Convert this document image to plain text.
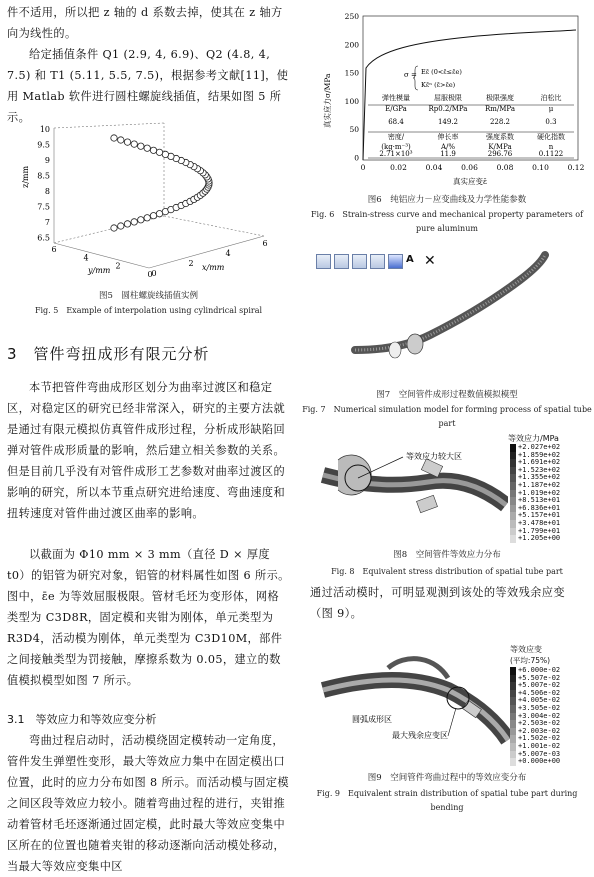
件不适用，所以把 z 轴的 d 系数去掉，使其在 z 轴方向为线性的。
给定插值条件 Q1 (2.9, 4, 6.9)、Q2 (4.8, 4, 7.5) 和 T1 (5.11, 5.5, 7.5)，根据参考文献[11]，使用 Matlab 软件进行圆柱螺旋线插值，结果如图 5 所示。
10
9.5
9
8.5
8
7.5
7
6.5
z/mm
6
4
2
0
0
2
4
6
y/mm	x/mm
图5　圆柱螺旋线插值实例
Fig. 5　Example of interpolation using cylindrical spiral
3　管件弯扭成形有限元分析
本节把管件弯曲成形区划分为曲率过渡区和稳定区，对稳定区的研究已经非常深入，研究的主要方法就是通过有限元模拟仿真管件成形过程，分析成形缺陷回弹对管件成形质量的影响，然后建立相关参数的关系。但是目前几乎没有对管件成形工艺参数对曲率过渡区的影响的研究，所以本节重点研究进给速度、弯曲速度和扭转速度对管件曲过渡区曲率的影响。
以截面为 Φ10 mm × 3 mm（直径 D × 厚度 t0）的铝管为研究对象，铝管的材料属性如图 6 所示。图中，ε̄e 为等效屈服极限。管材毛坯为变形体，网格类型为 C3D8R，固定模和夹钳为刚体，单元类型为 R3D4，活动模为刚体，单元类型为 C3D10M，部件之间接触类型为罚接触，摩擦系数为 0.05，建立的数值模拟模型如图 7 所示。
3.1　等效应力和等效应变分析
弯曲过程启动时，活动模绕固定模转动一定角度，管件发生弹塑性变形，最大等效应力集中在固定模出口位置，此时的应力分布如图 8 所示。而活动模与固定模之间区段等效应力较小。随着弯曲过程的进行，夹钳推动着管材毛坯逐渐通过固定模，此时最大等效应变集中区所在的位置也随着夹钳的移动逐渐向活动模处移动，当最大等效应变集中区
250
200
150
100
50
0
0	0.02	0.04	0.06	0.08	0.10	0.12
真实应力σ/MPa
真实应变ε̄
σ = Eε̄ (0<ε̄≤ε̄e)
Kε̄ⁿ (ε̄>ε̄e)
弹性模量	屈服极限	极限强度	泊松比
E/GPa	Rp0.2/MPa	Rm/MPa	μ
68.4	149.2	228.2	0.3
密度/	伸长率	强度系数	硬化指数
(kg·m⁻³)	A/%	K/MPa	n
2.71×10³	11.9	296.76	0.1122
图6　纯铝应力－应变曲线及力学性能参数
Fig. 6　Strain-stress curve and mechanical property parameters of
pure aluminum
A ✕
图7　空间管件成形过程数值模拟模型
Fig. 7　Numerical simulation model for forming process of spatial tube part
等效应力较大区
等效应力/MPa
+2.027e+02
+1.859e+02
+1.691e+02
+1.523e+02
+1.355e+02
+1.187e+02
+1.019e+02
+8.513e+01
+6.836e+01
+5.157e+01
+3.478e+01
+1.799e+01
+1.205e+00
图8　空间管件等效应力分布
Fig. 8　Equivalent stress distribution of spatial tube part
通过活动模时，可明显观测到该处的等效残余应变（图 9）。
圆弧成形区
最大残余应变区
等效应变
(平均:75%)
+6.000e-02
+5.507e-02
+5.007e-02
+4.506e-02
+4.005e-02
+3.505e-02
+3.004e-02
+2.503e-02
+2.003e-02
+1.502e-02
+1.001e-02
+5.007e-03
+0.000e+00
图9　空间管件弯曲过程中的等效应变分布
Fig. 9　Equivalent strain distribution of spatial tube part during bending
